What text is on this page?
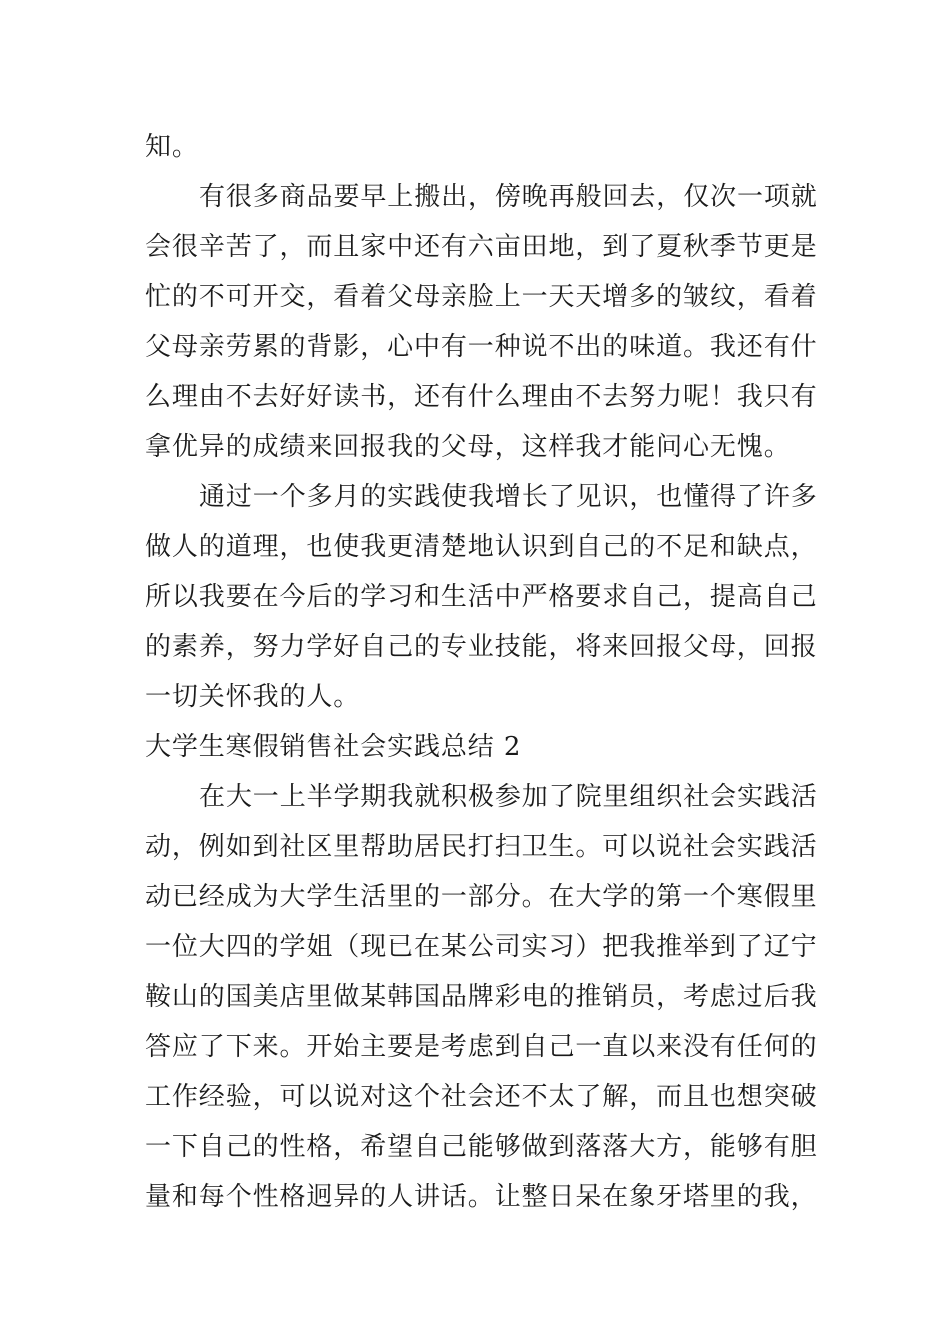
知。
有很多商品要早上搬出，傍晚再般回去，仅次一项就
会很辛苦了，而且家中还有六亩田地，到了夏秋季节更是
忙的不可开交，看着父母亲脸上一天天增多的皱纹，看着
父母亲劳累的背影，心中有一种说不出的味道。我还有什
么理由不去好好读书，还有什么理由不去努力呢！我只有
拿优异的成绩来回报我的父母，这样我才能问心无愧。
通过一个多月的实践使我增长了见识，也懂得了许多
做人的道理，也使我更清楚地认识到自己的不足和缺点，
所以我要在今后的学习和生活中严格要求自己，提高自己
的素养，努力学好自己的专业技能，将来回报父母，回报
一切关怀我的人。
大学生寒假销售社会实践总结 2
在大一上半学期我就积极参加了院里组织社会实践活
动，例如到社区里帮助居民打扫卫生。可以说社会实践活
动已经成为大学生活里的一部分。在大学的第一个寒假里
一位大四的学姐（现已在某公司实习）把我推举到了辽宁
鞍山的国美店里做某韩国品牌彩电的推销员，考虑过后我
答应了下来。开始主要是考虑到自己一直以来没有任何的
工作经验，可以说对这个社会还不太了解，而且也想突破
一下自己的性格，希望自己能够做到落落大方，能够有胆
量和每个性格迥异的人讲话。让整日呆在象牙塔里的我，
